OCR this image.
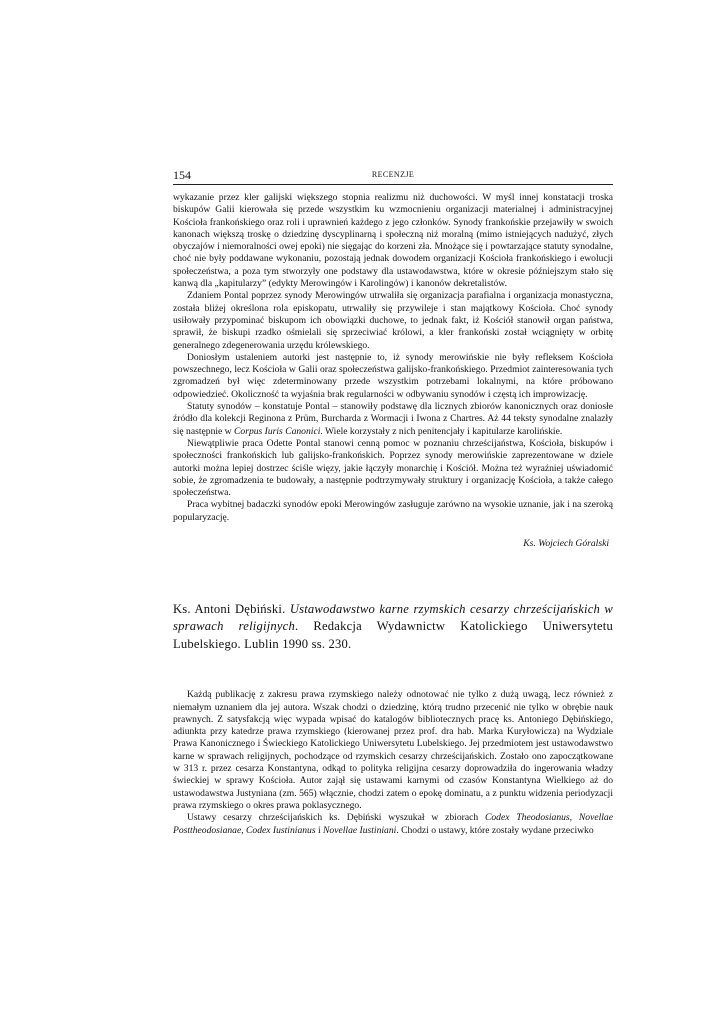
154	RECENZJE

wykazanie przez kler galijski większego stopnia realizmu niż duchowości. W myśl innej konstatacji troska biskupów Galii kierowała się przede wszystkim ku wzmocnieniu organizacji materialnej i administracyjnej Kościoła frankońskiego oraz roli i uprawnień każdego z jego członków. Synody frankońskie przejawiły w swoich kanonach większą troskę o dziedzinę dyscyplinarną i społeczną niż moralną (mimo istniejących nadużyć, złych obyczajów i niemoralności owej epoki) nie sięgając do korzeni zła. Mnożące się i powtarzające statuty synodalne, choć nie były poddawane wykonaniu, pozostają jednak dowodem organizacji Kościoła frankońskiego i ewolucji społeczeństwa, a poza tym stworzyły one podstawy dla ustawodawstwa, które w okresie późniejszym stało się kanwą dla „kapitularzy” (edykty Merowingów i Karolingów) i kanonów dekretalistów.

Zdaniem Pontal poprzez synody Merowingów utrwaliła się organizacja parafialna i organizacja monastyczna, została bliżej określona rola episkopatu, utrwaliły się przywileje i stan majątkowy Kościoła. Choć synody usiłowały przypominać biskupom ich obowiązki duchowe, to jednak fakt, iż Kościół stanowił organ państwa, sprawił, że biskupi rzadko ośmielali się sprzeciwiać królowi, a kler frankoński został wciągnięty w orbitę generalnego zdegenerowania urzędu królewskiego.

Doniosłym ustaleniem autorki jest następnie to, iż synody merowińskie nie były refleksem Kościoła powszechnego, lecz Kościoła w Galii oraz społeczeństwa galijsko-frankońskiego. Przedmiot zainteresowania tych zgromadzeń był więc zdeterminowany przede wszystkim potrzebami lokalnymi, na które próbowano odpowiedzieć. Okoliczność ta wyjaśnia brak regularności w odbywaniu synodów i częstą ich improwizację.

Statuty synodów – konstatuje Pontal – stanowiły podstawę dla licznych zbiorów kanonicznych oraz doniosłe źródło dla kolekcji Reginona z Prüm, Burcharda z Wormacji i Iwona z Chartres. Aż 44 teksty synodalne znalazły się następnie w Corpus Iuris Canonici. Wiele korzystały z nich penitencjały i kapitularze karolińskie.

Niewątpliwie praca Odette Pontal stanowi cenną pomoc w poznaniu chrześcijaństwa, Kościoła, biskupów i społeczności frankońskich lub galijsko-frankońskich. Poprzez synody merowińskie zaprezentowane w dziele autorki można lepiej dostrzec ściśle więzy, jakie łączyły monarchię i Kościół. Można też wyraźniej uświadomić sobie, że zgromadzenia te budowały, a następnie podtrzymywały struktury i organizację Kościoła, a także całego społeczeństwa.

Praca wybitnej badaczki synodów epoki Merowingów zasługuje zarówno na wysokie uznanie, jak i na szeroką popularyzację.

Ks. Wojciech Góralski
Ks. Antoni Dębiński. Ustawodawstwo karne rzymskich cesarzy chrześcijańskich w sprawach religijnych. Redakcja Wydawnictw Katolickiego Uniwersytetu Lubelskiego. Lublin 1990 ss. 230.

Każdą publikację z zakresu prawa rzymskiego należy odnotować nie tylko z dużą uwagą, lecz również z niemałym uznaniem dla jej autora. Wszak chodzi o dziedzinę, którą trudno przecenić nie tylko w obrębie nauk prawnych. Z satysfakcją więc wypada wpisać do katalogów bibliotecznych pracę ks. Antoniego Dębińskiego, adiunkta przy katedrze prawa rzymskiego (kierowanej przez prof. dra hab. Marka Kuryłowicza) na Wydziale Prawa Kanonicznego i Świeckiego Katolickiego Uniwersytetu Lubelskiego. Jej przedmiotem jest ustawodawstwo karne w sprawach religijnych, pochodzące od rzymskich cesarzy chrześcijańskich. Zostało ono zapoczątkowane w 313 r. przez cesarza Konstantyna, odkąd to polityka religijna cesarzy doprowadziła do ingerowania władzy świeckiej w sprawy Kościoła. Autor zajął się ustawami karnymi od czasów Konstantyna Wielkiego aż do ustawodawstwa Justyniana (zm. 565) włącznie, chodzi zatem o epokę dominatu, a z punktu widzenia periodyzacji prawa rzymskiego o okres prawa poklasycznego.

Ustawy cesarzy chrześcijańskich ks. Dębiński wyszukał w zbiorach Codex Theodosianus, Novellae Posttheodosianae, Codex Iustinianus i Novellae Iustiniani. Chodzi o ustawy, które zostały wydane przeciwko
